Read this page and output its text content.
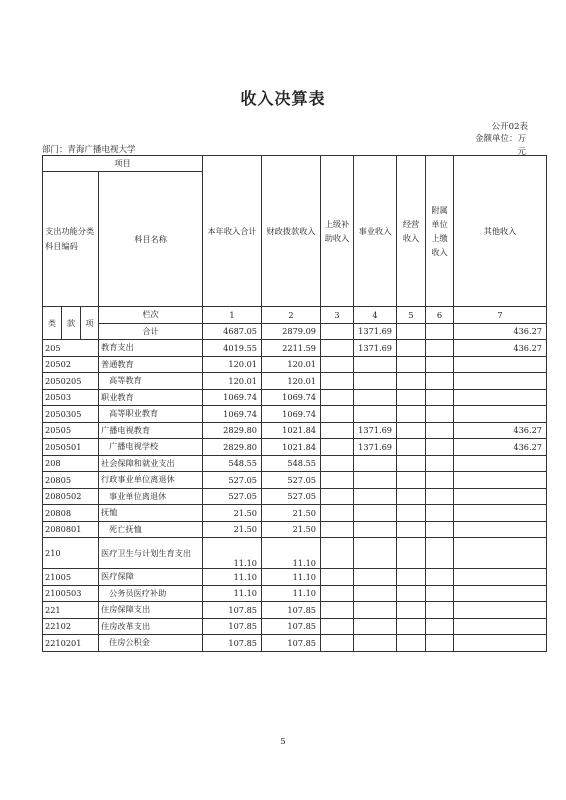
收入决算表
公开02表
金额单位：万
元
部门：青海广播电视大学
项目				本年收入合计	财政拨款收入	上级补助收入	事业收入	经营收入	附属单位上缴收入	其他收入
支出功能分类科目编码			科目名称							
类	款	项	栏次	1	2	3	4	5	6	7
			合计	4687.05	2879.09		1371.69			436.27
205			教育支出	4019.55	2211.59		1371.69			436.27
20502			普通教育	120.01	120.01					
2050205			高等教育	120.01	120.01					
20503			职业教育	1069.74	1069.74					
2050305			高等职业教育	1069.74	1069.74					
20505			广播电视教育	2829.80	1021.84		1371.69			436.27
2050501			广播电视学校	2829.80	1021.84		1371.69			436.27
208			社会保障和就业支出	548.55	548.55					
20805			行政事业单位离退休	527.05	527.05					
2080502			事业单位离退休	527.05	527.05					
20808			抚恤	21.50	21.50					
2080801			死亡抚恤	21.50	21.50					
210			医疗卫生与计划生育支出	11.10	11.10					
21005			医疗保障	11.10	11.10					
2100503			公务员医疗补助	11.10	11.10					
221			住房保障支出	107.85	107.85					
22102			住房改革支出	107.85	107.85					
2210201			住房公积金	107.85	107.85					
5
